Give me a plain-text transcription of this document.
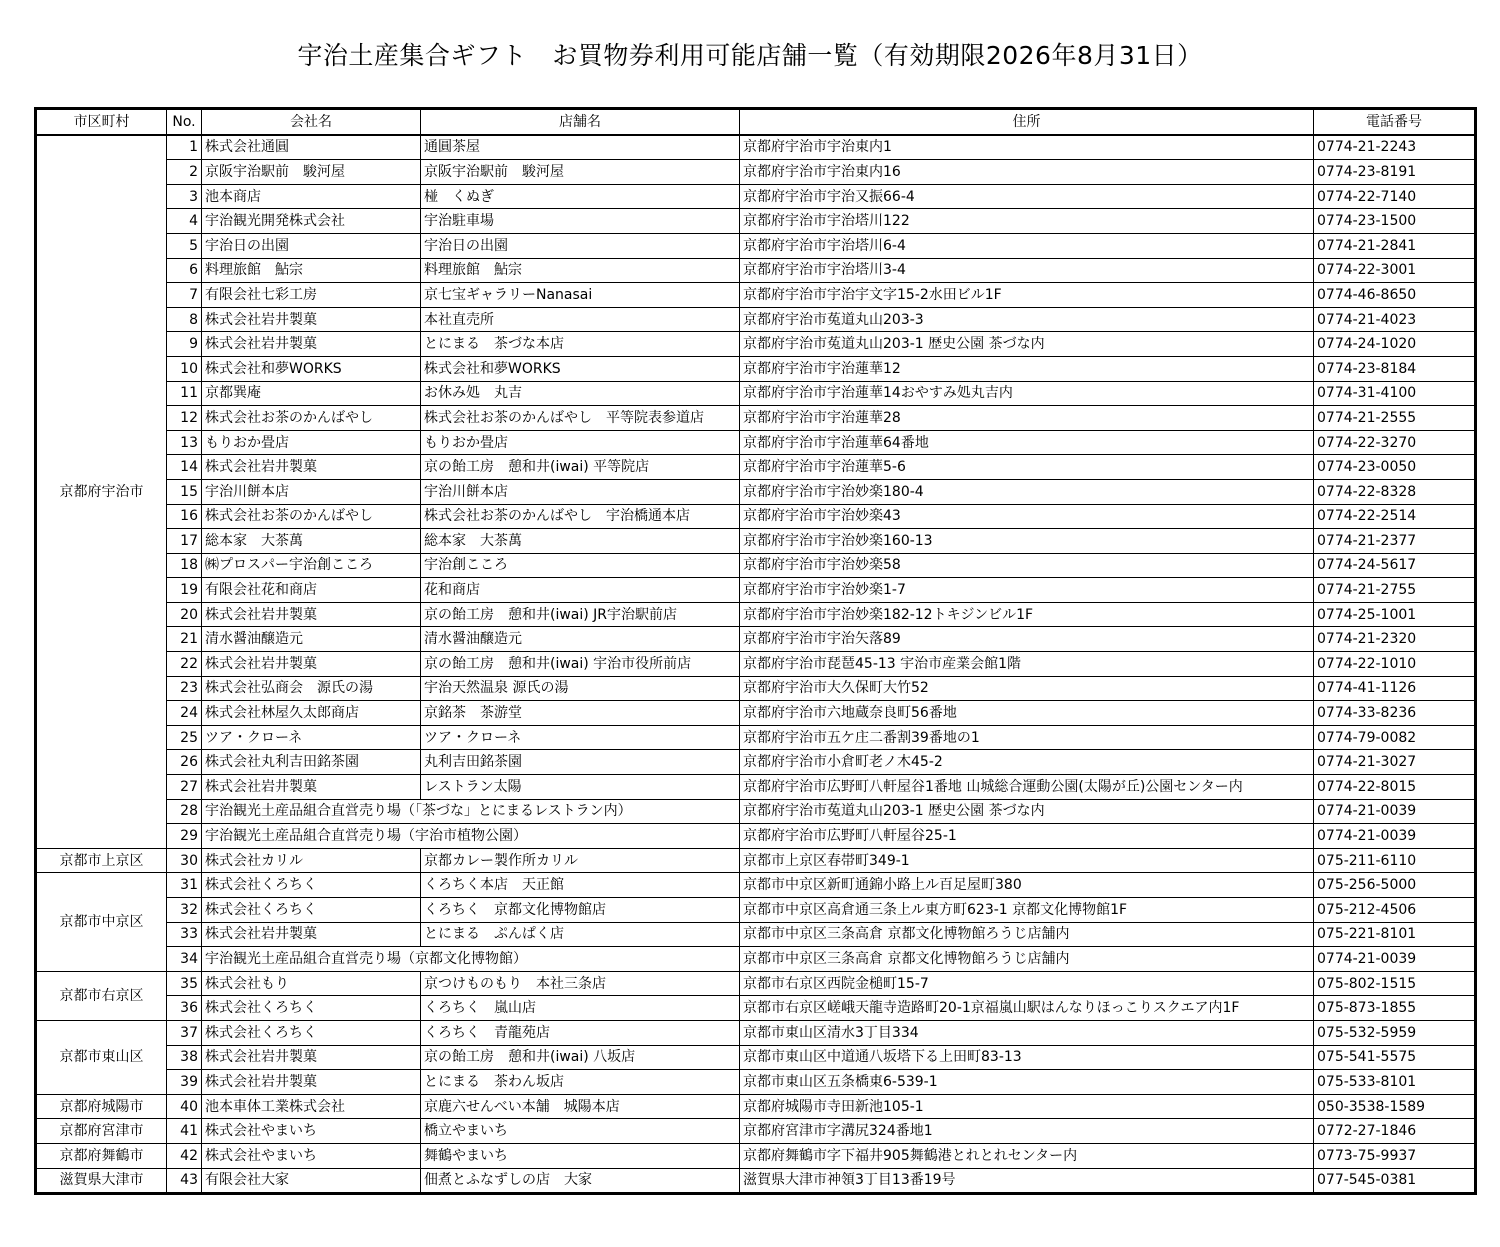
宇治土産集合ギフト　お買物券利用可能店舗一覧（有効期限2026年8月31日）
市区町村	No.	会社名	店舗名	住所	電話番号
京都府宇治市	1	株式会社通圓	通圓茶屋	京都府宇治市宇治東内1	0774-21-2243
	2	京阪宇治駅前　駿河屋	京阪宇治駅前　駿河屋	京都府宇治市宇治東内16	0774-23-8191
	3	池本商店	椪　くぬぎ	京都府宇治市宇治又振66-4	0774-22-7140
	4	宇治観光開発株式会社	宇治駐車場	京都府宇治市宇治塔川122	0774-23-1500
	5	宇治日の出園	宇治日の出園	京都府宇治市宇治塔川6-4	0774-21-2841
	6	料理旅館　鮎宗	料理旅館　鮎宗	京都府宇治市宇治塔川3-4	0774-22-3001
	7	有限会社七彩工房	京七宝ギャラリーNanasai	京都府宇治市宇治宇文字15-2水田ビル1F	0774-46-8650
	8	株式会社岩井製菓	本社直売所	京都府宇治市菟道丸山203-3	0774-21-4023
	9	株式会社岩井製菓	とにまる　茶づな本店	京都府宇治市菟道丸山203-1 歴史公園 茶づな内	0774-24-1020
	10	株式会社和夢WORKS	株式会社和夢WORKS	京都府宇治市宇治蓮華12	0774-23-8184
	11	京都巽庵	お休み処　丸吉	京都府宇治市宇治蓮華14おやすみ処丸吉内	0774-31-4100
	12	株式会社お茶のかんばやし	株式会社お茶のかんばやし　平等院表参道店	京都府宇治市宇治蓮華28	0774-21-2555
	13	もりおか畳店	もりおか畳店	京都府宇治市宇治蓮華64番地	0774-22-3270
	14	株式会社岩井製菓	京の飴工房　憩和井(iwai) 平等院店	京都府宇治市宇治蓮華5-6	0774-23-0050
	15	宇治川餅本店	宇治川餅本店	京都府宇治市宇治妙楽180-4	0774-22-8328
	16	株式会社お茶のかんばやし	株式会社お茶のかんばやし　宇治橋通本店	京都府宇治市宇治妙楽43	0774-22-2514
	17	総本家　大茶萬	総本家　大茶萬	京都府宇治市宇治妙楽160-13	0774-21-2377
	18	㈱プロスパー宇治創こころ	宇治創こころ	京都府宇治市宇治妙楽58	0774-24-5617
	19	有限会社花和商店	花和商店	京都府宇治市宇治妙楽1-7	0774-21-2755
	20	株式会社岩井製菓	京の飴工房　憩和井(iwai) JR宇治駅前店	京都府宇治市宇治妙楽182-12トキジンビル1F	0774-25-1001
	21	清水醤油醸造元	清水醤油醸造元	京都府宇治市宇治矢落89	0774-21-2320
	22	株式会社岩井製菓	京の飴工房　憩和井(iwai) 宇治市役所前店	京都府宇治市琵琶45-13 宇治市産業会館1階	0774-22-1010
	23	株式会社弘商会　源氏の湯	宇治天然温泉 源氏の湯	京都府宇治市大久保町大竹52	0774-41-1126
	24	株式会社林屋久太郎商店	京銘茶　茶游堂	京都府宇治市六地蔵奈良町56番地	0774-33-8236
	25	ツア・クローネ	ツア・クローネ	京都府宇治市五ケ庄二番割39番地の1	0774-79-0082
	26	株式会社丸利吉田銘茶園	丸利吉田銘茶園	京都府宇治市小倉町老ノ木45-2	0774-21-3027
	27	株式会社岩井製菓	レストラン太陽	京都府宇治市広野町八軒屋谷1番地 山城総合運動公園(太陽が丘)公園センター内	0774-22-8015
	28	宇治観光土産品組合直営売り場（「茶づな」とにまるレストラン内）		京都府宇治市菟道丸山203-1 歴史公園 茶づな内	0774-21-0039
	29	宇治観光土産品組合直営売り場（宇治市植物公園）		京都府宇治市広野町八軒屋谷25-1	0774-21-0039
京都市上京区	30	株式会社カリル	京都カレー製作所カリル	京都市上京区春帯町349-1	075-211-6110
京都市中京区	31	株式会社くろちく	くろちく本店　天正館	京都市中京区新町通錦小路上ル百足屋町380	075-256-5000
	32	株式会社くろちく	くろちく　京都文化博物館店	京都市中京区高倉通三条上ル東方町623-1 京都文化博物館1F	075-212-4506
	33	株式会社岩井製菓	とにまる　ぷんぱく店	京都市中京区三条高倉 京都文化博物館ろうじ店舗内	075-221-8101
	34	宇治観光土産品組合直営売り場（京都文化博物館）		京都市中京区三条高倉 京都文化博物館ろうじ店舗内	0774-21-0039
京都市右京区	35	株式会社もり	京つけものもり　本社三条店	京都市右京区西院金槌町15-7	075-802-1515
	36	株式会社くろちく	くろちく　嵐山店	京都市右京区嵯峨天龍寺造路町20-1京福嵐山駅はんなりほっこりスクエア内1F	075-873-1855
京都市東山区	37	株式会社くろちく	くろちく　青龍苑店	京都市東山区清水3丁目334	075-532-5959
	38	株式会社岩井製菓	京の飴工房　憩和井(iwai) 八坂店	京都市東山区中道通八坂塔下る上田町83-13	075-541-5575
	39	株式会社岩井製菓	とにまる　茶わん坂店	京都市東山区五条橋東6-539-1	075-533-8101
京都府城陽市	40	池本車体工業株式会社	京鹿六せんべい本舗　城陽本店	京都府城陽市寺田新池105-1	050-3538-1589
京都府宮津市	41	株式会社やまいち	橋立やまいち	京都府宮津市字溝尻324番地1	0772-27-1846
京都府舞鶴市	42	株式会社やまいち	舞鶴やまいち	京都府舞鶴市字下福井905舞鶴港とれとれセンター内	0773-75-9937
滋賀県大津市	43	有限会社大家	佃煮とふなずしの店　大家	滋賀県大津市神領3丁目13番19号	077-545-0381
